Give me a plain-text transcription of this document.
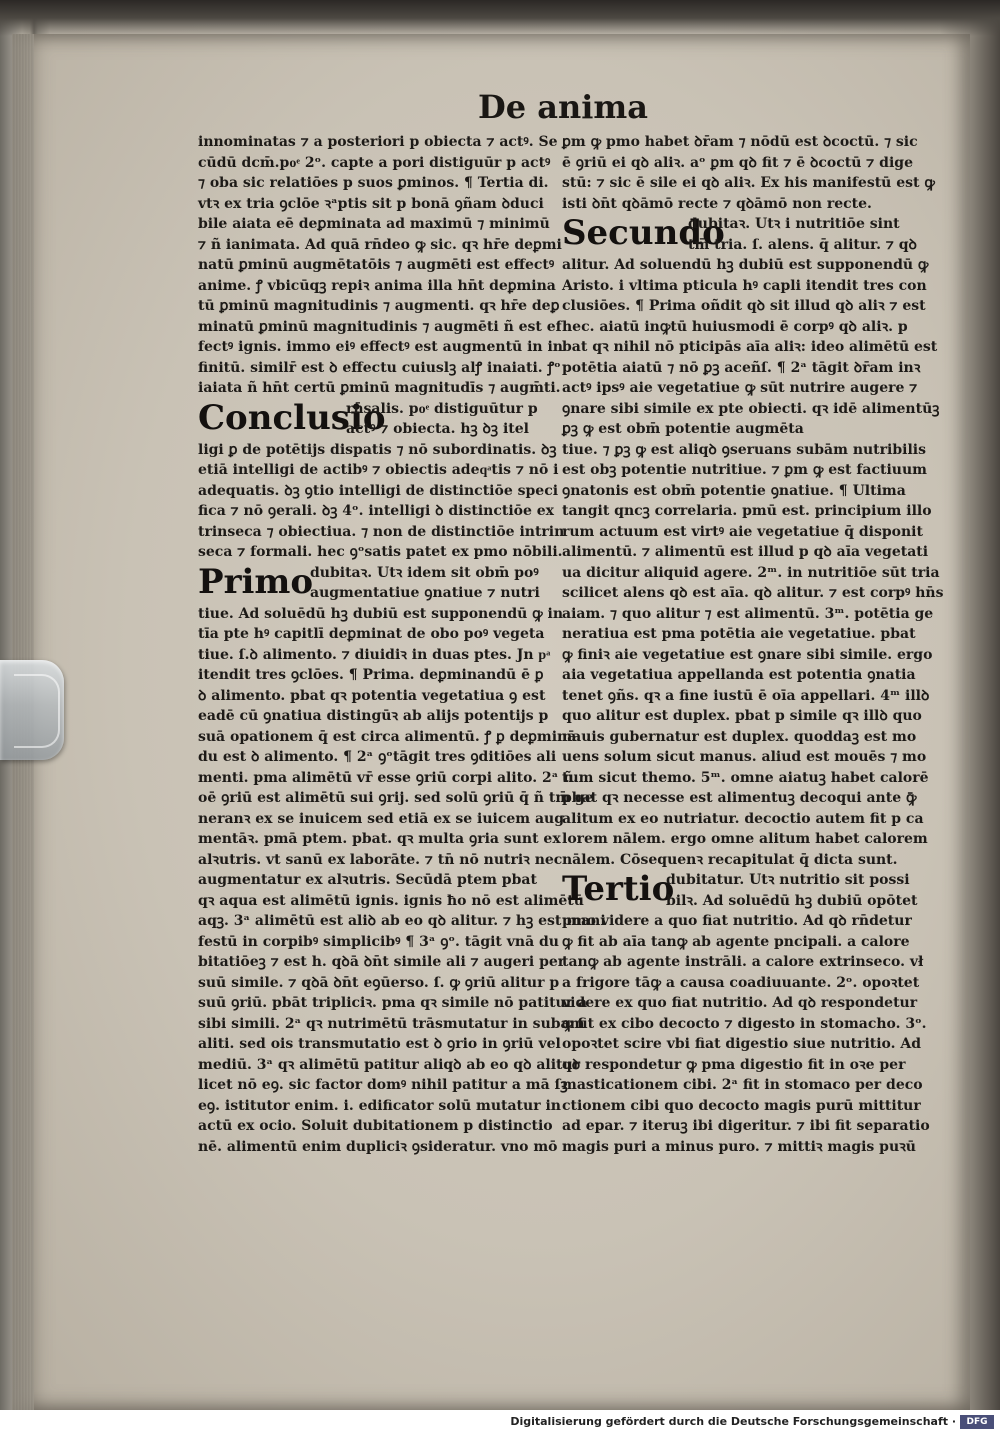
De anima
innominatas ⁊ a posteriori p obiecta ⁊ actꝰ. Se
cūdū dcm̄.poͤ 2ᵒ. capte a pori distiguūr p actꝰ
⁊ oba sic relatiōes p suos ꝑminos. ¶ Tertia di.
vtꝛ ex tria ꝯclōe ꝛᵃptis sit p bonā ꝯñam ꝺduci
bile aiata eē deꝑminata ad maximū ⁊ minimū
⁊ ñ ianimata. Ad quā rn̄deo ꝙ sic. qꝛ hr̄e deꝑmi
natū ꝑminū augmētatōis ⁊ augmēti est effectꝰ
anime. ꝭ vbicūqꝫ repiꝛ anima illa hn̄t deꝑmina
tū ꝑminū magnitudinis ⁊ augmenti. qꝛ hr̄e deꝑ
minatū ꝑminū magnitudinis ⁊ augmēti ñ est ef
fectꝰ ignis. immo eiꝰ effectꝰ est augmentū in in
finitū. similr̄ est ꝺ effectu cuiuslꝫ alꝭ inaiati. ꝭᵒ
iaiata ñ hn̄t certū ꝑminū magnitudīs ⁊ augm̄ti.
Conclusio
rn̄salis. poͤ distiguūtur p
actꝰ ⁊ obiecta. hꝫ ꝺꝫ itel
ligi ꝑ de potētijs dispatis ⁊ nō subordinatis. ꝺꝫ
etiā intelligi de actibꝰ ⁊ obiectis adeqͣtis ⁊ nō i
adequatis. ꝺꝫ ꝯtio intelligi de distinctiōe speci
fica ⁊ nō ꝯerali. ꝺꝫ 4ᵒ. intelligi ꝺ distinctiōe ex
trinseca ⁊ obiectiua. ⁊ non de distinctiōe intrin
seca ⁊ formali. hec ꝯᵒsatis patet ex pmo nōbili.
Primo
dubitaꝛ. Utꝛ idem sit obm̄ poꝰ
augmentatiue ꝯnatiue ⁊ nutri
tiue. Ad soluēdū hꝫ dubiū est supponendū ꝙ in
tīa pte hꝰ capitlī deꝑminat de obo poꝰ vegeta
tiue. ſ.ꝺ alimento. ⁊ diuidiꝛ in duas ptes. Jn pͣ
itendit tres ꝯclōes. ¶ Prima. deꝑminandū ē ꝑ
ꝺ alimento. pbat qꝛ potentia vegetatiua ꝯ est
eadē cū ꝯnatiua distingūꝛ ab alijs potentijs p
suā opationem q̄ est circa alimentū. ꝭ ꝑ deꝑminā
du est ꝺ alimento. ¶ 2ᵃ ꝯᵒtāgit tres ꝯditiōes ali
menti. pma alimētū vr̄ esse ꝯriū corpi alito. 2ᵃ ñ
oē ꝯriū est alimētū sui ꝯrij. sed solū ꝯriū q̄ ñ tm̄ ge
neranꝛ ex se inuicem sed etiā ex se iuicem aug
mentāꝛ. pmā ptem. pbat. qꝛ multa ꝯria sunt ex
alꝛutris. vt sanū ex laborāte. ⁊ tn̄ nō nutriꝛ nec
augmentatur ex alꝛutris. Secūdā ptem pbat
qꝛ aqua est alimētū ignis. ignis ħo nō est alimētū
aqꝫ. 3ᵃ alimētū est aliꝺ ab eo qꝺ alitur. ⁊ hꝫ est mani
festū in corpibꝰ simplicibꝰ ¶ 3ᵃ ꝯᵒ. tāgit vnā du
bitatiōeꝫ ⁊ est h. qꝺā ꝺn̄t simile ali ⁊ augeri per
suū simile. ⁊ qꝺā ꝺn̄t eꝯūerso. ſ. ꝙ ꝯriū alitur p
suū ꝯriū. pbāt tripliciꝛ. pma qꝛ simile nō patitur a
sibi simili. 2ᵃ qꝛ nutrimētū trāsmutatur in subam
aliti. sed ois transmutatio est ꝺ ꝯrio in ꝯriū vel
mediū. 3ᵃ qꝛ alimētū patitur aliqꝺ ab eo qꝺ alitur
licet nō eꝯ. sic factor domꝰ nihil patitur a mā ſꝫ
eꝯ. istitutor enim. i. edificator solū mutatur in
actū ex ocio. Soluit dubitationem p distinctio
nē. alimentū enim dupliciꝛ ꝯsideratur. vno mō
ꝑm ꝙ pmo habet ꝺr̄am ⁊ nōdū est ꝺcoctū. ⁊ sic
ē ꝯriū ei qꝺ aliꝛ. aᵒ ꝑm qꝺ fit ⁊ ē ꝺcoctū ⁊ dige
stū: ⁊ sic ē sile ei qꝺ aliꝛ. Ex his manifestū est ꝙ
isti ꝺn̄t qꝺāmō recte ⁊ qꝺāmō non recte.
Secundo
dubitaꝛ. Utꝛ i nutritiōe sint
tm̄ tria. ſ. alens. q̄ alitur. ⁊ qꝺ
alitur. Ad soluendū hꝫ dubiū est supponendū ꝙ
Aristo. i vltima pticula hꝰ capli itendit tres con
clusiōes. ¶ Prima oñdit qꝺ sit illud qꝺ aliꝛ ⁊ est
hec. aiatū inꝙtū huiusmodi ē corpꝰ qꝺ aliꝛ. p
bat qꝛ nihil nō pticipās aīa aliꝛ: ideo alimētū est
potētia aiatū ⁊ nō ꝑꝫ aceñſ. ¶ 2ᵃ tāgit ꝺr̄am inꝛ
actꝰ ipsꝰ aie vegetatiue ꝙ sūt nutrire augere ⁊
ꝯnare sibi simile ex pte obiecti. qꝛ idē alimentūꝫ
ꝑꝫ ꝙ est obm̄ potentie augmēta
tiue. ⁊ ꝑꝫ ꝙ est aliqꝺ ꝯseruans subām nutribilis
est obꝫ potentie nutritiue. ⁊ ꝑm ꝙ est factiuum
ꝯnatonis est obm̄ potentie ꝯnatiue. ¶ Ultima
tangit qncꝫ correlaria. pmū est. principium illo
rum actuum est virtꝰ aie vegetatiue q̄ disponit
alimentū. ⁊ alimentū est illud p qꝺ aīa vegetati
ua dicitur aliquid agere. 2ᵐ. in nutritiōe sūt tria
scilicet alens qꝺ est aīa. qꝺ alitur. ⁊ est corpꝰ hn̄s
aiam. ⁊ quo alitur ⁊ est alimentū. 3ᵐ. potētia ge
neratiua est pma potētia aie vegetatiue. pbat
ꝙ finiꝛ aie vegetatiue est ꝯnare sibi simile. ergo
aia vegetatiua appellanda est potentia ꝯnatia
tenet ꝯñs. qꝛ a fine iustū ē oīa appellari. 4ᵐ illꝺ
quo alitur est duplex. pbat p simile qꝛ illꝺ quo
nauis gubernatur est duplex. quoddaꝫ est mo
uens solum sicut manus. aliud est mouēs ⁊ mo
tum sicut themo. 5ᵐ. omne aiatuꝫ habet calorē
pbat qꝛ necesse est alimentuꝫ decoqui ante ꝙ̄
alitum ex eo nutriatur. decoctio autem fit p ca
lorem nālem. ergo omne alitum habet calorem
nālem. Cōsequenꝛ recapitulat q̄ dicta sunt.
Tertio
dubitatur. Utꝛ nutritio sit possi
bilꝛ. Ad soluēdū hꝫ dubiū opōtet
pmo videre a quo fiat nutritio. Ad qꝺ rn̄detur
ꝙ fit ab aīa tanꝙ ab agente pncipali. a calore
tanꝙ ab agente instrāli. a calore extrinseco. vł
a frigore tāꝙ a causa coadiuuante. 2ᵒ. opoꝛtet
videre ex quo fiat nutritio. Ad qꝺ respondetur
ꝙ fit ex cibo decocto ⁊ digesto in stomacho. 3ᵒ.
opoꝛtet scire vbi fiat digestio siue nutritio. Ad
qꝺ respondetur ꝙ pma digestio fit in oꝛe per
masticationem cibi. 2ᵃ fit in stomaco per deco
ctionem cibi quo decocto magis purū mittitur
ad epar. ⁊ iteruꝫ ibi digeritur. ⁊ ibi fit separatio
magis puri a minus puro. ⁊ mittiꝛ magis puꝛū
Digitalisierung gefördert durch die Deutsche Forschungsgemeinschaft ·	DFG
